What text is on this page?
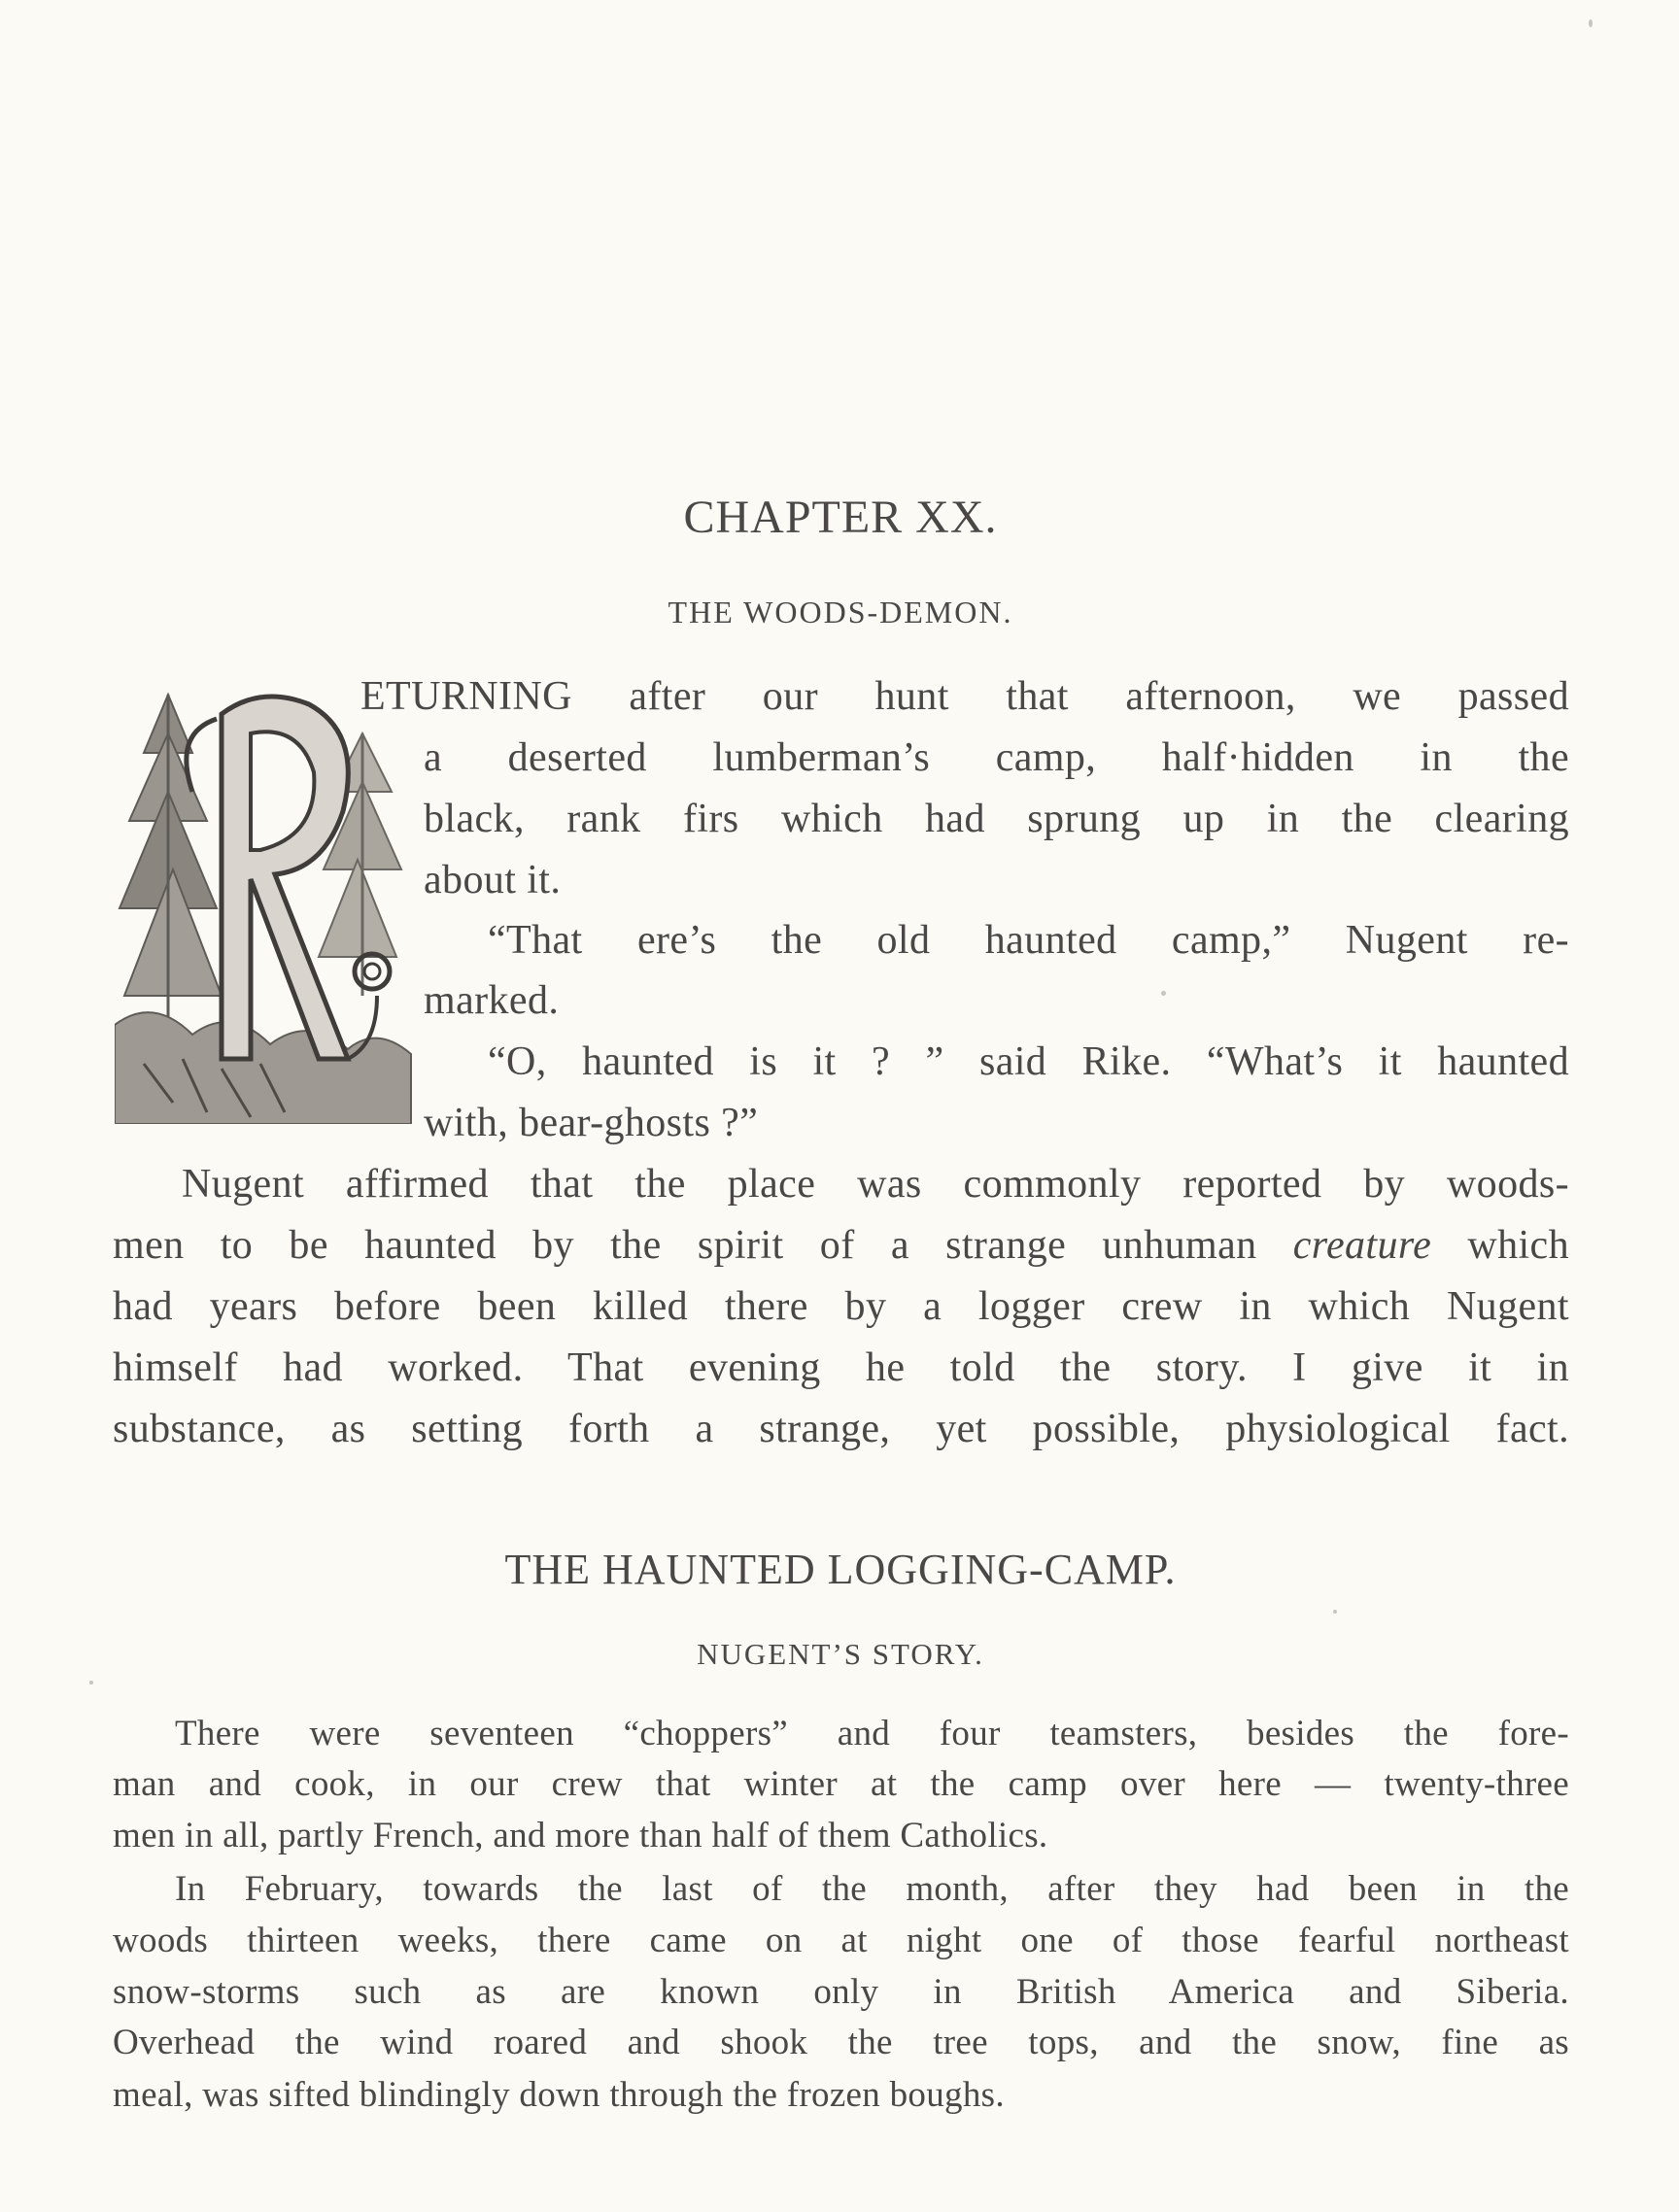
CHAPTER XX.
THE WOODS-DEMON.
ETURNING after our hunt that afternoon, we passed
a deserted lumberman’s camp, half·hidden in the
black, rank firs which had sprung up in the clearing
about it.
“That ere’s the old haunted camp,” Nugent re-
marked.
“O, haunted is it ? ” said Rike. “What’s it haunted
with, bear-ghosts ?”
Nugent affirmed that the place was commonly reported by woods-
men to be haunted by the spirit of a strange unhuman creature which
had years before been killed there by a logger crew in which Nugent
himself had worked. That evening he told the story. I give it in
substance, as setting forth a strange, yet possible, physiological fact.
THE HAUNTED LOGGING-CAMP.
NUGENT’S STORY.
There were seventeen “choppers” and four teamsters, besides the fore-
man and cook, in our crew that winter at the camp over here — twenty-three
men in all, partly French, and more than half of them Catholics.
In February, towards the last of the month, after they had been in the
woods thirteen weeks, there came on at night one of those fearful northeast
snow-storms such as are known only in British America and Siberia.
Overhead the wind roared and shook the tree tops, and the snow, fine as
meal, was sifted blindingly down through the frozen boughs.
